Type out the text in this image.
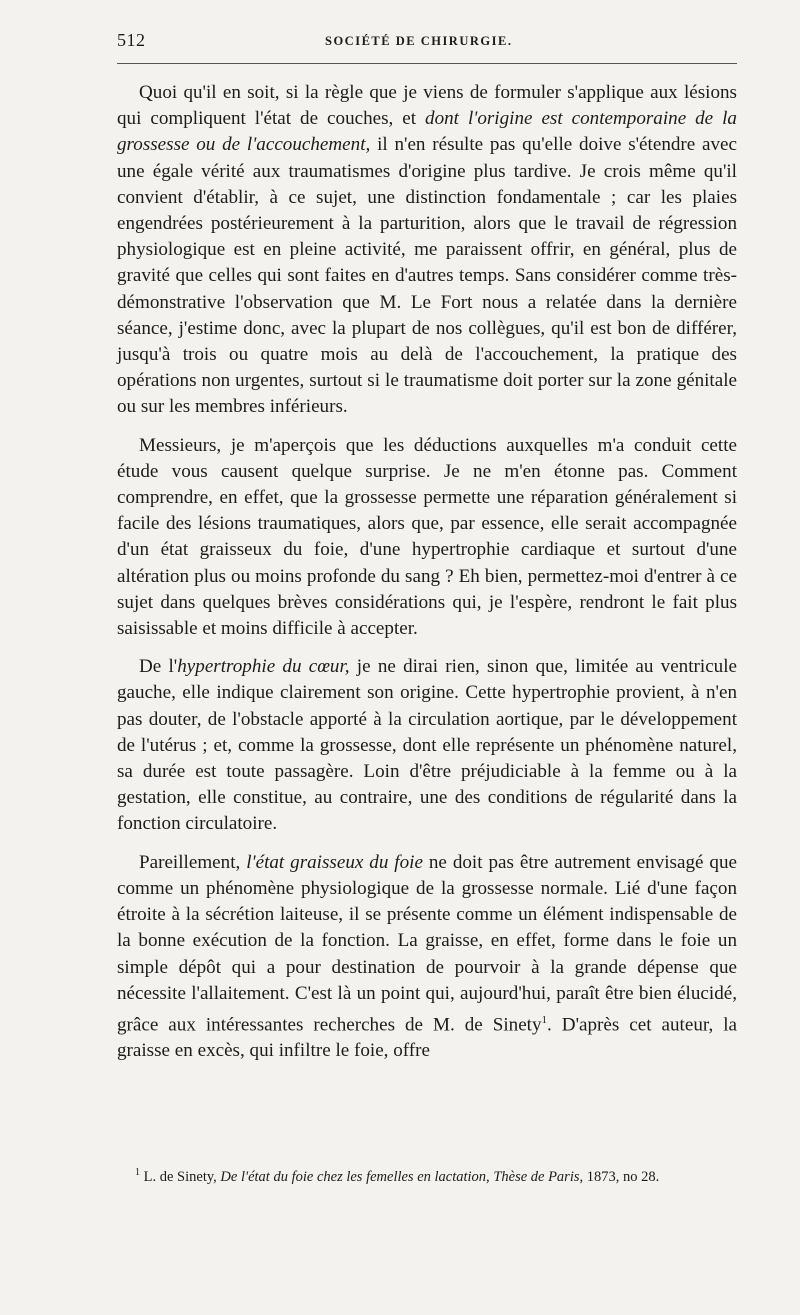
512	SOCIÉTÉ DE CHIRURGIE.

Quoi qu'il en soit, si la règle que je viens de formuler s'applique aux lésions qui compliquent l'état de couches, et dont l'origine est contemporaine de la grossesse ou de l'accouchement, il n'en résulte pas qu'elle doive s'étendre avec une égale vérité aux traumatismes d'origine plus tardive. Je crois même qu'il convient d'établir, à ce sujet, une distinction fondamentale ; car les plaies engendrées postérieurement à la parturition, alors que le travail de régression physiologique est en pleine activité, me paraissent offrir, en général, plus de gravité que celles qui sont faites en d'autres temps. Sans considérer comme très-démonstrative l'observation que M. Le Fort nous a relatée dans la dernière séance, j'estime donc, avec la plupart de nos collègues, qu'il est bon de différer, jusqu'à trois ou quatre mois au delà de l'accouchement, la pratique des opérations non urgentes, surtout si le traumatisme doit porter sur la zone génitale ou sur les membres inférieurs.

Messieurs, je m'aperçois que les déductions auxquelles m'a conduit cette étude vous causent quelque surprise. Je ne m'en étonne pas. Comment comprendre, en effet, que la grossesse permette une réparation généralement si facile des lésions traumatiques, alors que, par essence, elle serait accompagnée d'un état graisseux du foie, d'une hypertrophie cardiaque et surtout d'une altération plus ou moins profonde du sang ? Eh bien, permettez-moi d'entrer à ce sujet dans quelques brèves considérations qui, je l'espère, rendront le fait plus saisissable et moins difficile à accepter.

De l'hypertrophie du cœur, je ne dirai rien, sinon que, limitée au ventricule gauche, elle indique clairement son origine. Cette hypertrophie provient, à n'en pas douter, de l'obstacle apporté à la circulation aortique, par le développement de l'utérus ; et, comme la grossesse, dont elle représente un phénomène naturel, sa durée est toute passagère. Loin d'être préjudiciable à la femme ou à la gestation, elle constitue, au contraire, une des conditions de régularité dans la fonction circulatoire.

Pareillement, l'état graisseux du foie ne doit pas être autrement envisagé que comme un phénomène physiologique de la grossesse normale. Lié d'une façon étroite à la sécrétion laiteuse, il se présente comme un élément indispensable de la bonne exécution de la fonction. La graisse, en effet, forme dans le foie un simple dépôt qui a pour destination de pourvoir à la grande dépense que nécessite l'allaitement. C'est là un point qui, aujourd'hui, paraît être bien élucidé, grâce aux intéressantes recherches de M. de Sinety$^1$. D'après cet auteur, la graisse en excès, qui infiltre le foie, offre

$^1$ L. de Sinety, De l'état du foie chez les femelles en lactation, Thèse de Paris, 1873, no 28.
